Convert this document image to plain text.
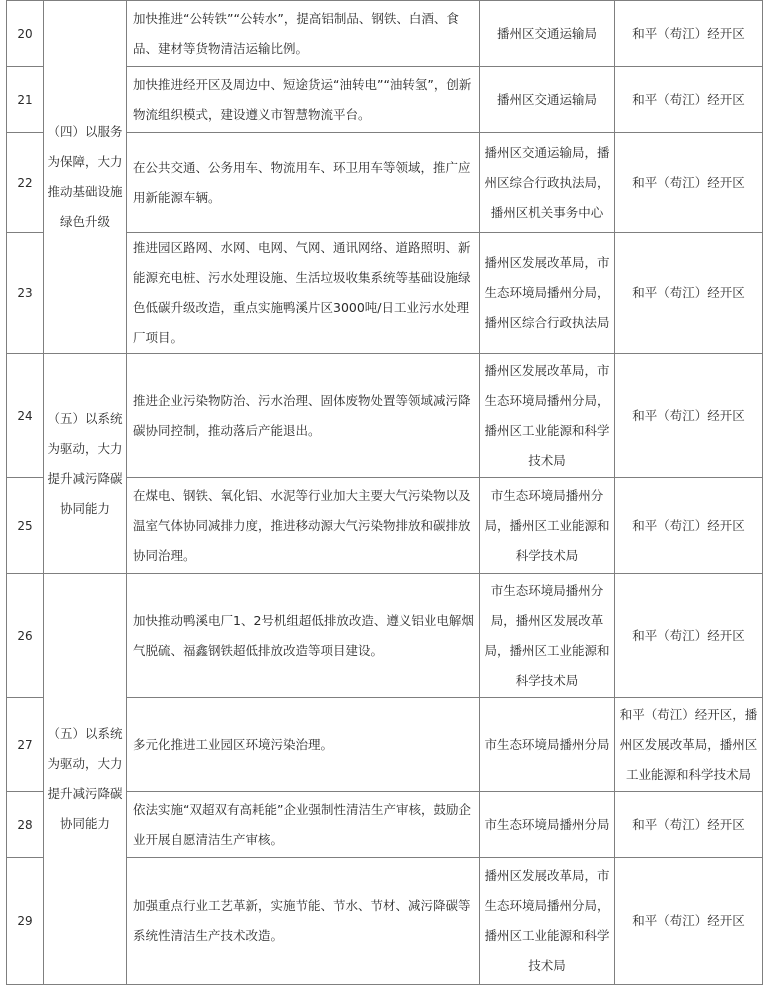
20	（四）以服务
为保障，大力
推动基础设施
绿色升级	加快推进“公转铁”“公转水”，提高铝制品、钢铁、白酒、食品、建材等货物清洁运输比例。	播州区交通运输局	和平（苟江）经开区

21		加快推进经开区及周边中、短途货运“油转电”“油转氢”，创新物流组织模式，建设遵义市智慧物流平台。	播州区交通运输局	和平（苟江）经开区

22		在公共交通、公务用车、物流用车、环卫用车等领域，推广应用新能源车辆。	播州区交通运输局，播
州区综合行政执法局，
播州区机关事务中心	和平（苟江）经开区

23		推进园区路网、水网、电网、气网、通讯网络、道路照明、新能源充电桩、污水处理设施、生活垃圾收集系统等基础设施绿色低碳升级改造，重点实施鸭溪片区3000吨/日工业污水处理厂项目。	播州区发展改革局，市
生态环境局播州分局，
播州区综合行政执法局	和平（苟江）经开区

24	（五）以系统
为驱动，大力
提升减污降碳
协同能力	推进企业污染物防治、污水治理、固体废物处置等领域减污降碳协同控制，推动落后产能退出。	播州区发展改革局，市
生态环境局播州分局，
播州区工业能源和科学
技术局	和平（苟江）经开区

25		在煤电、钢铁、氧化铝、水泥等行业加大主要大气污染物以及温室气体协同减排力度，推进移动源大气污染物排放和碳排放协同治理。	市生态环境局播州分
局，播州区工业能源和
科学技术局	和平（苟江）经开区

26	（五）以系统
为驱动，大力
提升减污降碳
协同能力	加快推动鸭溪电厂1、2号机组超低排放改造、遵义铝业电解烟气脱硫、福鑫钢铁超低排放改造等项目建设。	市生态环境局播州分
局，播州区发展改革
局，播州区工业能源和
科学技术局	和平（苟江）经开区

27		多元化推进工业园区环境污染治理。	市生态环境局播州分局	和平（苟江）经开区，播
州区发展改革局，播州区
工业能源和科学技术局

28		依法实施“双超双有高耗能”企业强制性清洁生产审核，鼓励企业开展自愿清洁生产审核。	市生态环境局播州分局	和平（苟江）经开区

29		加强重点行业工艺革新，实施节能、节水、节材、减污降碳等系统性清洁生产技术改造。	播州区发展改革局，市
生态环境局播州分局，
播州区工业能源和科学
技术局	和平（苟江）经开区
